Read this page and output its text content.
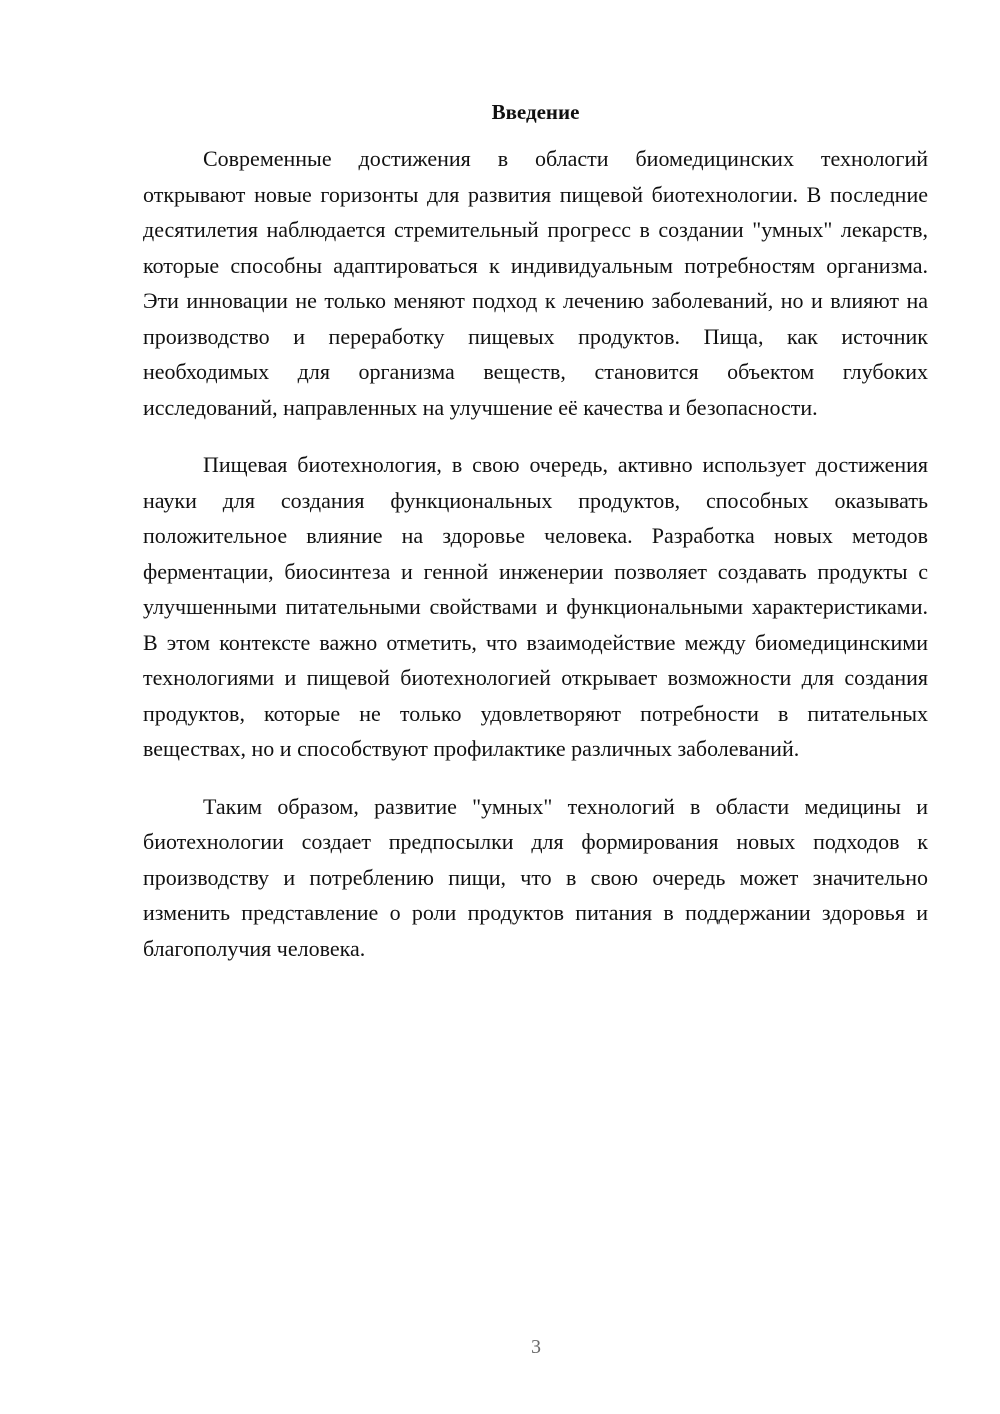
Введение

Современные достижения в области биомедицинских технологий открывают новые горизонты для развития пищевой биотехнологии. В последние десятилетия наблюдается стремительный прогресс в создании "умных" лекарств, которые способны адаптироваться к индивидуальным потребностям организма. Эти инновации не только меняют подход к лечению заболеваний, но и влияют на производство и переработку пищевых продуктов. Пища, как источник необходимых для организма веществ, становится объектом глубоких исследований, направленных на улучшение её качества и безопасности.

Пищевая биотехнология, в свою очередь, активно использует достижения науки для создания функциональных продуктов, способных оказывать положительное влияние на здоровье человека. Разработка новых методов ферментации, биосинтеза и генной инженерии позволяет создавать продукты с улучшенными питательными свойствами и функциональными характеристиками. В этом контексте важно отметить, что взаимодействие между биомедицинскими технологиями и пищевой биотехнологией открывает возможности для создания продуктов, которые не только удовлетворяют потребности в питательных веществах, но и способствуют профилактике различных заболеваний.

Таким образом, развитие "умных" технологий в области медицины и биотехнологии создает предпосылки для формирования новых подходов к производству и потреблению пищи, что в свою очередь может значительно изменить представление о роли продуктов питания в поддержании здоровья и благополучия человека.

3
